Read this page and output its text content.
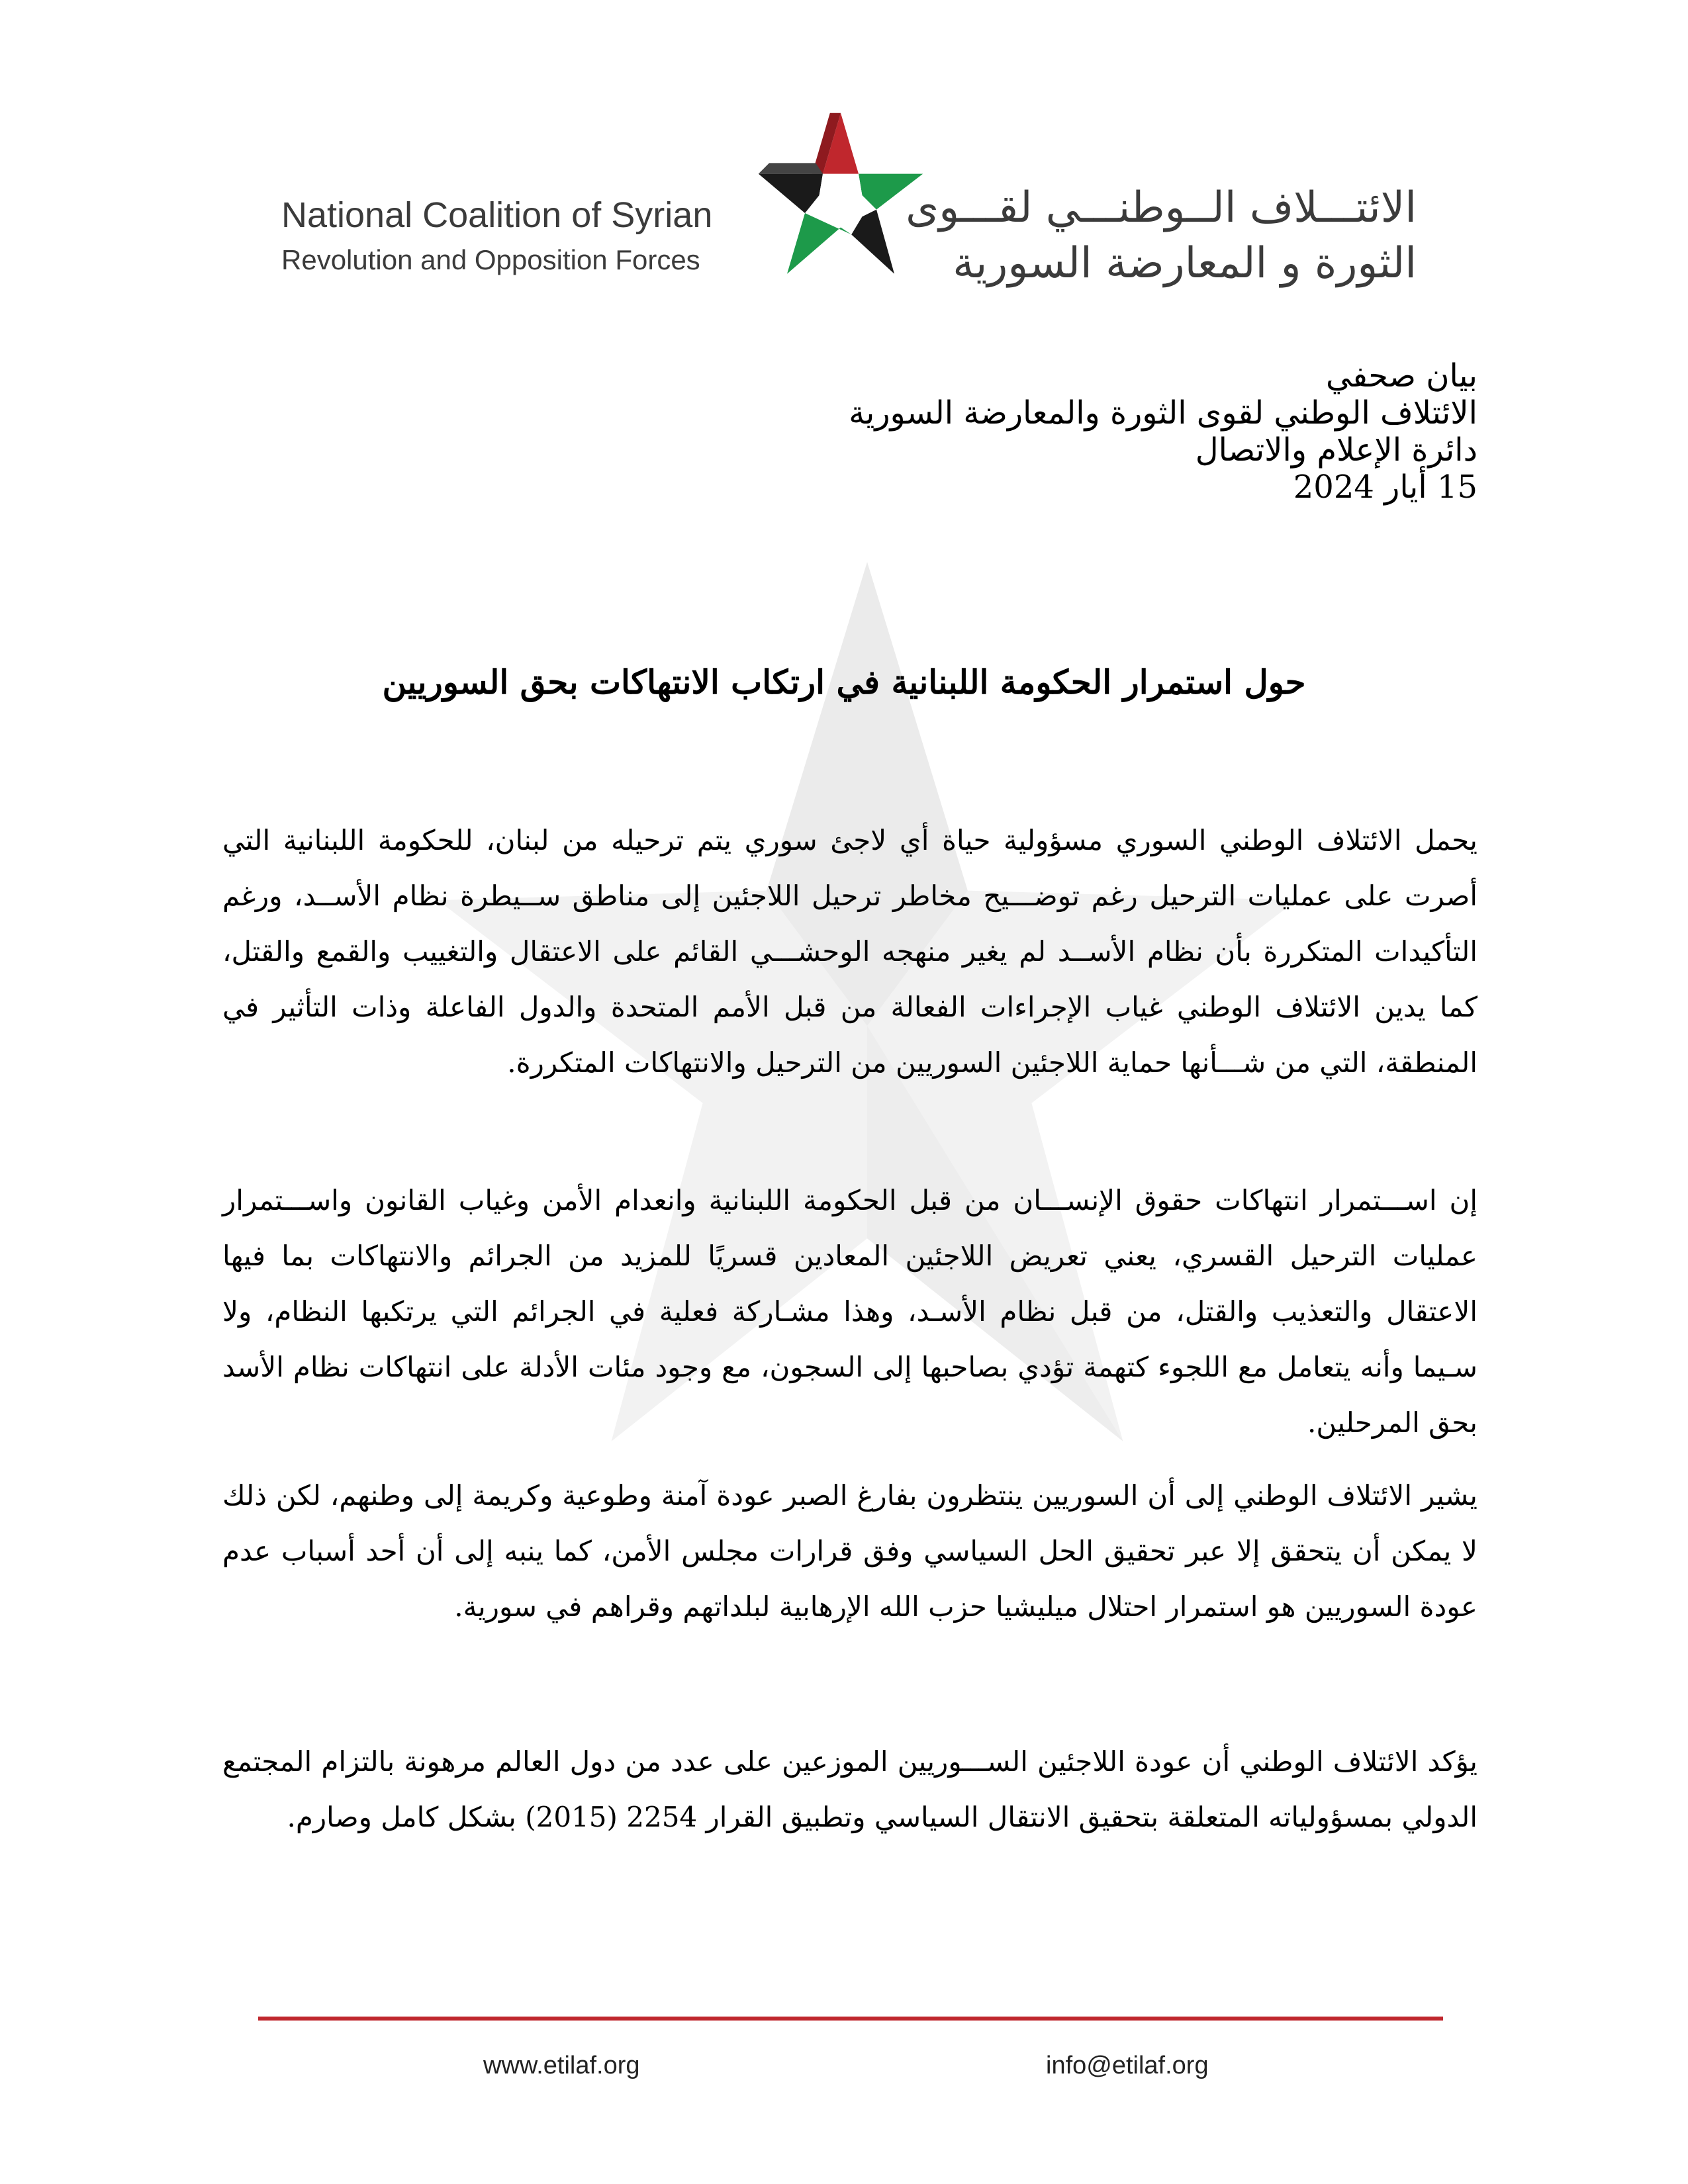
National Coalition of Syrian
Revolution and Opposition Forces
الائتـــلاف الــوطنـــي لقـــوى
الثورة و المعارضة السورية
بيان صحفي
الائتلاف الوطني لقوى الثورة والمعارضة السورية
دائرة الإعلام والاتصال
15 أيار 2024
حول استمرار الحكومة اللبنانية في ارتكاب الانتهاكات بحق السوريين
يحمل الائتلاف الوطني السوري مسؤولية حياة أي لاجئ سوري يتم ترحيله من لبنان، للحكومة اللبنانية التي أصرت على عمليات الترحيل رغم توضـــيح مخاطر ترحيل اللاجئين إلى مناطق ســيطرة نظام الأســد، ورغم التأكيدات المتكررة بأن نظام الأســد لم يغير منهجه الوحشـــي القائم على الاعتقال والتغييب والقمع والقتل، كما يدين الائتلاف الوطني غياب الإجراءات الفعالة من قبل الأمم المتحدة والدول الفاعلة وذات التأثير في المنطقة، التي من شـــأنها حماية اللاجئين السوريين من الترحيل والانتهاكات المتكررة.
إن اســـتمرار انتهاكات حقوق الإنســـان من قبل الحكومة اللبنانية وانعدام الأمن وغياب القانون واســـتمرار عمليات الترحيل القسري، يعني تعريض اللاجئين المعادين قسريًا للمزيد من الجرائم والانتهاكات بما فيها الاعتقال والتعذيب والقتل، من قبل نظام الأسـد، وهذا مشـاركة فعلية في الجرائم التي يرتكبها النظام، ولا سـيما وأنه يتعامل مع اللجوء كتهمة تؤدي بصاحبها إلى السجون، مع وجود مئات الأدلة على انتهاكات نظام الأسد بحق المرحلين.
يشير الائتلاف الوطني إلى أن السوريين ينتظرون بفارغ الصبر عودة آمنة وطوعية وكريمة إلى وطنهم، لكن ذلك لا يمكن أن يتحقق إلا عبر تحقيق الحل السياسي وفق قرارات مجلس الأمن، كما ينبه إلى أن أحد أسباب عدم عودة السوريين هو استمرار احتلال ميليشيا حزب الله الإرهابية لبلداتهم وقراهم في سورية.
يؤكد الائتلاف الوطني أن عودة اللاجئين الســـوريين الموزعين على عدد من دول العالم مرهونة بالتزام المجتمع الدولي بمسؤولياته المتعلقة بتحقيق الانتقال السياسي وتطبيق القرار 2254 (2015) بشكل كامل وصارم.
www.etilaf.org	info@etilaf.org
